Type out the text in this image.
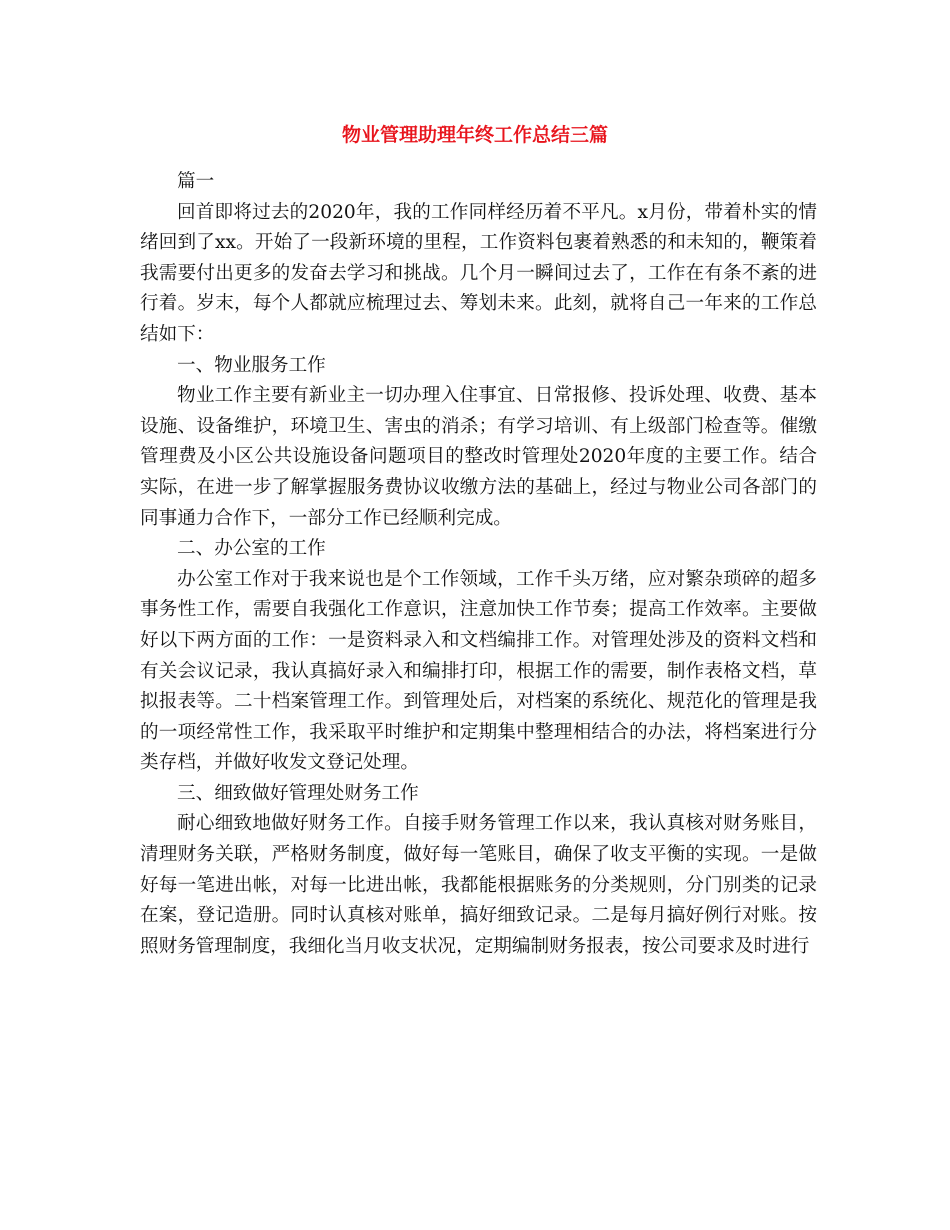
物业管理助理年终工作总结三篇

篇一

回首即将过去的2020年，我的工作同样经历着不平凡。x月份，带着朴实的情绪回到了xx。开始了一段新环境的里程，工作资料包裹着熟悉的和未知的，鞭策着我需要付出更多的发奋去学习和挑战。几个月一瞬间过去了，工作在有条不紊的进行着。岁末，每个人都就应梳理过去、筹划未来。此刻，就将自己一年来的工作总结如下：

一、物业服务工作

物业工作主要有新业主一切办理入住事宜、日常报修、投诉处理、收费、基本设施、设备维护，环境卫生、害虫的消杀；有学习培训、有上级部门检查等。催缴管理费及小区公共设施设备问题项目的整改时管理处2020年度的主要工作。结合实际，在进一步了解掌握服务费协议收缴方法的基础上，经过与物业公司各部门的同事通力合作下，一部分工作已经顺利完成。

二、办公室的工作

办公室工作对于我来说也是个工作领域，工作千头万绪，应对繁杂琐碎的超多事务性工作，需要自我强化工作意识，注意加快工作节奏；提高工作效率。主要做好以下两方面的工作：一是资料录入和文档编排工作。对管理处涉及的资料文档和有关会议记录，我认真搞好录入和编排打印，根据工作的需要，制作表格文档，草拟报表等。二十档案管理工作。到管理处后，对档案的系统化、规范化的管理是我的一项经常性工作，我采取平时维护和定期集中整理相结合的办法，将档案进行分类存档，并做好收发文登记处理。

三、细致做好管理处财务工作

耐心细致地做好财务工作。自接手财务管理工作以来，我认真核对财务账目，清理财务关联，严格财务制度，做好每一笔账目，确保了收支平衡的实现。一是做好每一笔进出帐，对每一比进出帐，我都能根据账务的分类规则，分门别类的记录在案，登记造册。同时认真核对账单，搞好细致记录。二是每月搞好例行对账。按照财务管理制度，我细化当月收支状况，定期编制财务报表，按公司要求及时进行
